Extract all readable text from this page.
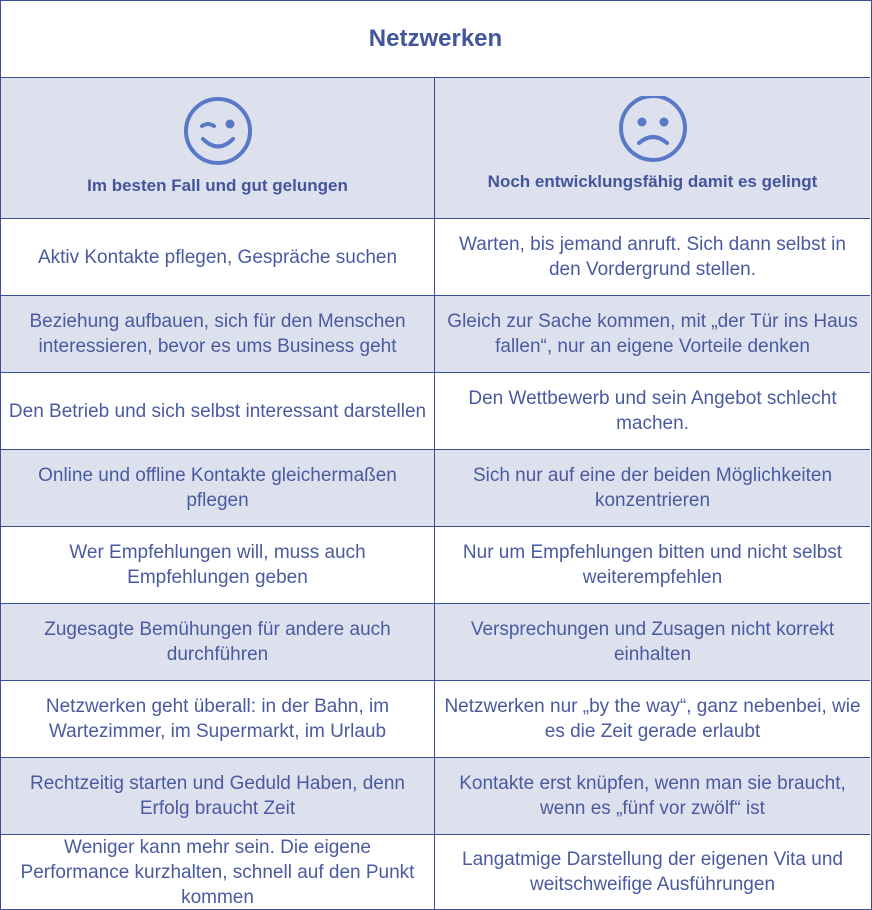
Netzwerken
Im besten Fall und gut gelungen	Noch entwicklungsfähig damit es gelingt
Aktiv Kontakte pflegen, Gespräche suchen
Warten, bis jemand anruft. Sich dann selbst in den Vordergrund stellen.
Beziehung aufbauen, sich für den Menschen interessieren, bevor es ums Business geht
Gleich zur Sache kommen, mit „der Tür ins Haus fallen“, nur an eigene Vorteile denken
Den Betrieb und sich selbst interessant darstellen
Den Wettbewerb und sein Angebot schlecht machen.
Online und offline Kontakte gleichermaßen pflegen
Sich nur auf eine der beiden Möglichkeiten konzentrieren
Wer Empfehlungen will, muss auch Empfehlungen geben
Nur um Empfehlungen bitten und nicht selbst weiterempfehlen
Zugesagte Bemühungen für andere auch durchführen
Versprechungen und Zusagen nicht korrekt einhalten
Netzwerken geht überall: in der Bahn, im Wartezimmer, im Supermarkt, im Urlaub
Netzwerken nur „by the way“, ganz nebenbei, wie es die Zeit gerade erlaubt
Rechtzeitig starten und Geduld Haben, denn Erfolg braucht Zeit
Kontakte erst knüpfen, wenn man sie braucht, wenn es „fünf vor zwölf“ ist
Weniger kann mehr sein. Die eigene Performance kurzhalten, schnell auf den Punkt kommen
Langatmige Darstellung der eigenen Vita und weitschweifige Ausführungen
